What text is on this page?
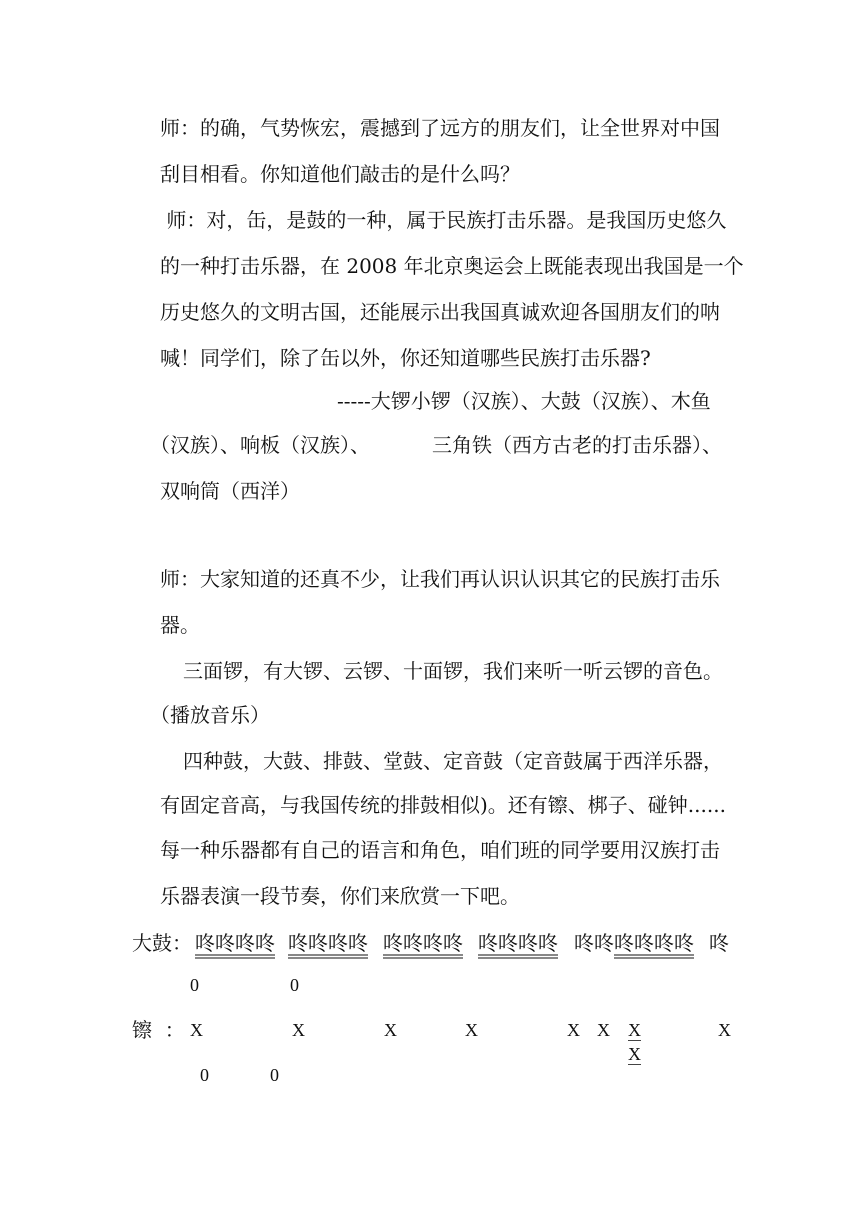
师：的确，气势恢宏，震撼到了远方的朋友们，让全世界对中国
刮目相看。你知道他们敲击的是什么吗？
师：对，缶，是鼓的一种，属于民族打击乐器。是我国历史悠久
的一种打击乐器，在 2008 年北京奥运会上既能表现出我国是一个
历史悠久的文明古国，还能展示出我国真诚欢迎各国朋友们的呐
喊！同学们，除了缶以外，你还知道哪些民族打击乐器?
-----大锣小锣（汉族）、大鼓（汉族）、木鱼
（汉族）、响板（汉族）、	三角铁（西方古老的打击乐器）、
双响筒（西洋）
师：大家知道的还真不少，让我们再认识认识其它的民族打击乐
器。
三面锣，有大锣、云锣、十面锣，我们来听一听云锣的音色。
（播放音乐）
四种鼓，大鼓、排鼓、堂鼓、定音鼓（定音鼓属于西洋乐器，
有固定音高，与我国传统的排鼓相似)。还有镲、梆子、碰钟......
每一种乐器都有自己的语言和角色，咱们班的同学要用汉族打击
乐器表演一段节奏，你们来欣赏一下吧。
大鼓： 咚咚咚咚 咚咚咚咚 咚咚咚咚 咚咚咚咚 咚咚 咚咚咚咚 咚
0	0
镲  ： X	X	X	X	X X XX
X
0	0
